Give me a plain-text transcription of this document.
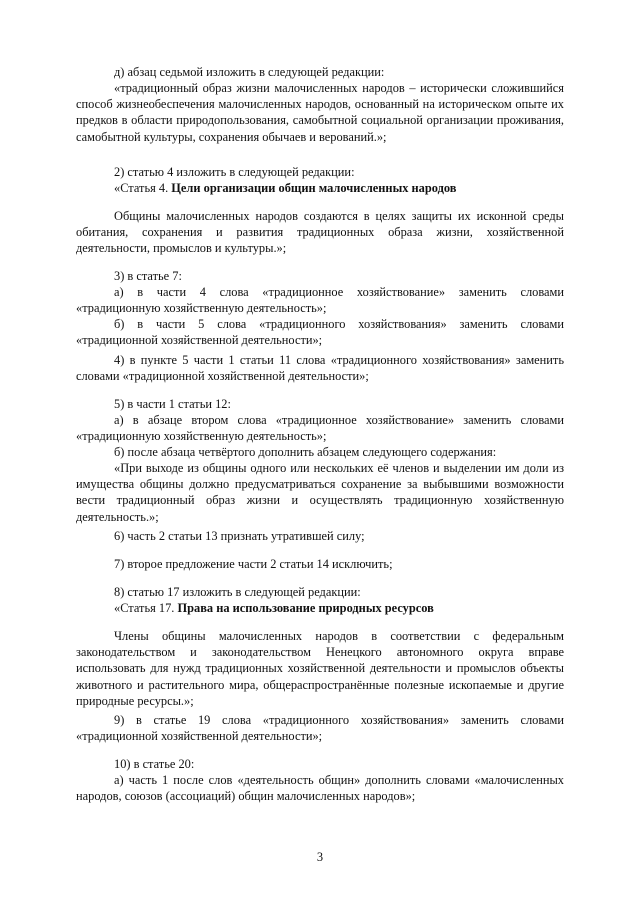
д) абзац седьмой изложить в следующей редакции:

«традиционный образ жизни малочисленных народов – исторически сложившийся способ жизнеобеспечения малочисленных народов, основанный на историческом опыте их предков в области природопользования, самобытной социальной организации проживания, самобытной культуры, сохранения обычаев и верований.»;

2) статью 4 изложить в следующей редакции:

«Статья 4. Цели организации общин малочисленных народов

Общины малочисленных народов создаются в целях защиты их исконной среды обитания, сохранения и развития традиционных образа жизни, хозяйственной деятельности, промыслов и культуры.»;

3) в статье 7:

а) в части 4 слова «традиционное хозяйствование» заменить словами «традиционную хозяйственную деятельность»;

б) в части 5 слова «традиционного хозяйствования» заменить словами «традиционной хозяйственной деятельности»;

4) в пункте 5 части 1 статьи 11 слова «традиционного хозяйствования» заменить словами «традиционной хозяйственной деятельности»;

5) в части 1 статьи 12:

а) в абзаце втором слова «традиционное хозяйствование» заменить словами «традиционную хозяйственную деятельность»;

б) после абзаца четвёртого дополнить абзацем следующего содержания:

«При выходе из общины одного или нескольких её членов и выделении им доли из имущества общины должно предусматриваться сохранение за выбывшими возможности вести традиционный образ жизни и осуществлять традиционную хозяйственную деятельность.»;

6) часть 2 статьи 13 признать утратившей силу;

7) второе предложение части 2 статьи 14 исключить;

8) статью 17 изложить в следующей редакции:

«Статья 17. Права на использование природных ресурсов

Члены общины малочисленных народов в соответствии с федеральным законодательством и законодательством Ненецкого автономного округа вправе использовать для нужд традиционных хозяйственной деятельности и промыслов объекты животного и растительного мира, общераспространённые полезные ископаемые и другие природные ресурсы.»;

9) в статье 19 слова «традиционного хозяйствования» заменить словами «традиционной хозяйственной деятельности»;

10) в статье 20:

а) часть 1 после слов «деятельность общин» дополнить словами «малочисленных народов, союзов (ассоциаций) общин малочисленных народов»;

3
